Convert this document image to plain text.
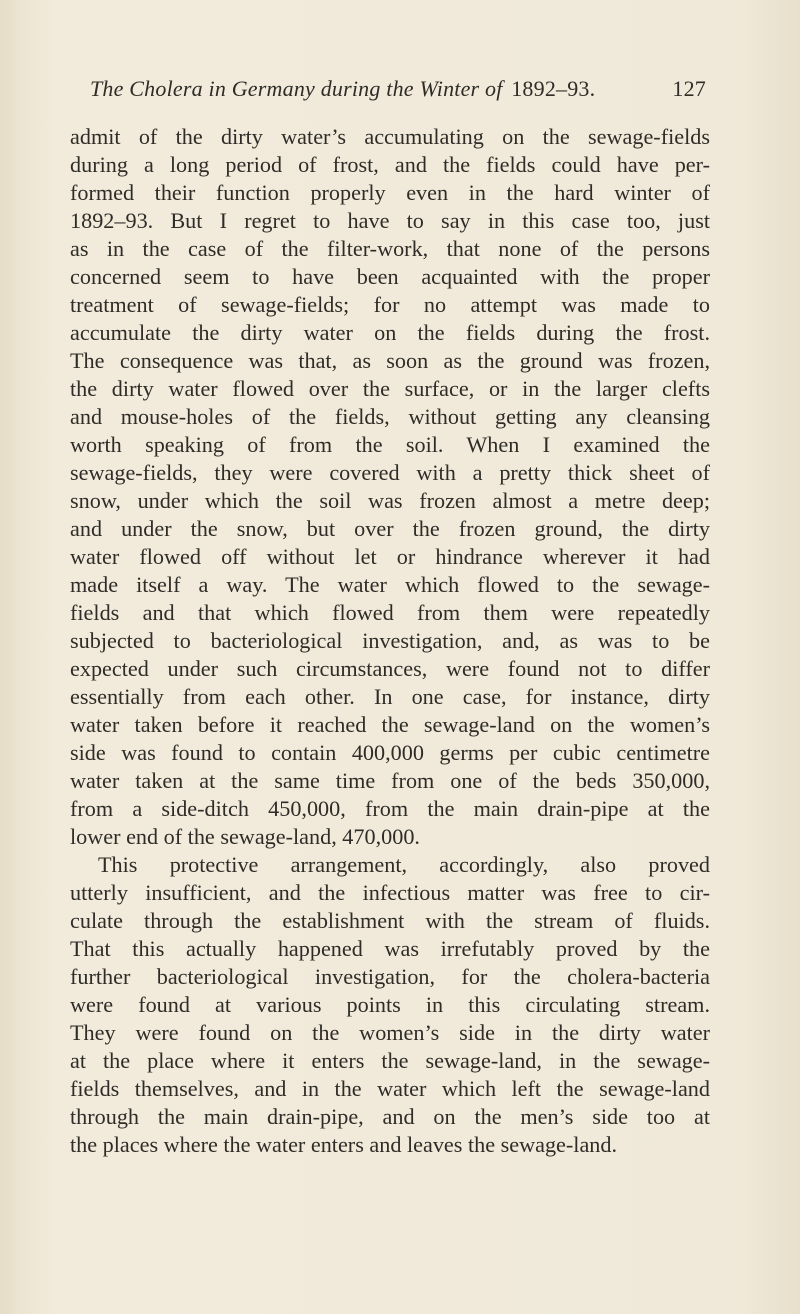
The Cholera in Germany during the Winter of 1892–93.	127
admit of the dirty water’s accumulating on the sewage-fields
during a long period of frost, and the fields could have per-
formed their function properly even in the hard winter of
1892–93. But I regret to have to say in this case too, just
as in the case of the filter-work, that none of the persons
concerned seem to have been acquainted with the proper
treatment of sewage-fields; for no attempt was made to
accumulate the dirty water on the fields during the frost.
The consequence was that, as soon as the ground was frozen,
the dirty water flowed over the surface, or in the larger clefts
and mouse-holes of the fields, without getting any cleansing
worth speaking of from the soil. When I examined the
sewage-fields, they were covered with a pretty thick sheet of
snow, under which the soil was frozen almost a metre deep;
and under the snow, but over the frozen ground, the dirty
water flowed off without let or hindrance wherever it had
made itself a way. The water which flowed to the sewage-
fields and that which flowed from them were repeatedly
subjected to bacteriological investigation, and, as was to be
expected under such circumstances, were found not to differ
essentially from each other. In one case, for instance, dirty
water taken before it reached the sewage-land on the women’s
side was found to contain 400,000 germs per cubic centimetre
water taken at the same time from one of the beds 350,000,
from a side-ditch 450,000, from the main drain-pipe at the
lower end of the sewage-land, 470,000.
This protective arrangement, accordingly, also proved
utterly insufficient, and the infectious matter was free to cir-
culate through the establishment with the stream of fluids.
That this actually happened was irrefutably proved by the
further bacteriological investigation, for the cholera-bacteria
were found at various points in this circulating stream.
They were found on the women’s side in the dirty water
at the place where it enters the sewage-land, in the sewage-
fields themselves, and in the water which left the sewage-land
through the main drain-pipe, and on the men’s side too at
the places where the water enters and leaves the sewage-land.
